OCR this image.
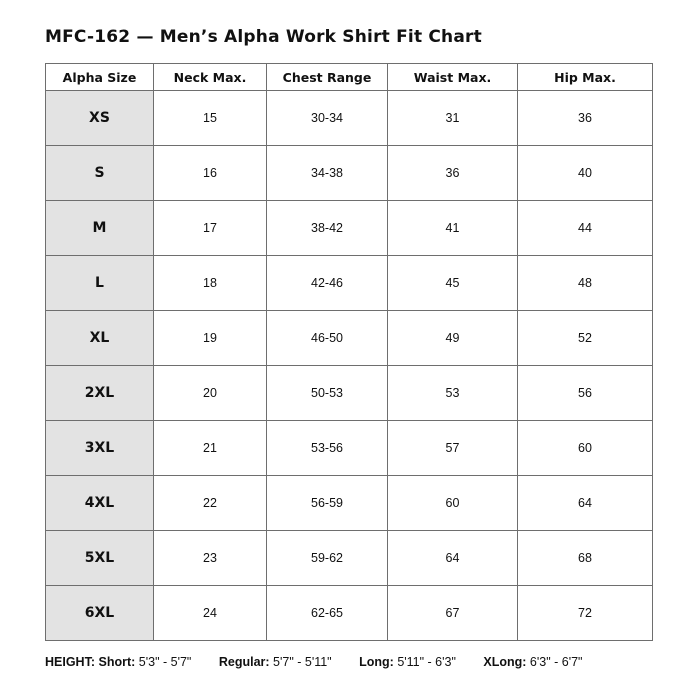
MFC-162 — Men’s Alpha Work Shirt Fit Chart
Alpha Size	Neck Max.	Chest Range	Waist Max.	Hip Max.
XS	15	30-34	31	36
S	16	34-38	36	40
M	17	38-42	41	44
L	18	42-46	45	48
XL	19	46-50	49	52
2XL	20	50-53	53	56
3XL	21	53-56	57	60
4XL	22	56-59	60	64
5XL	23	59-62	64	68
6XL	24	62-65	67	72
HEIGHT: Short: 5'3" - 5'7" Regular: 5'7" - 5'11" Long: 5'11" - 6'3" XLong: 6'3" - 6'7"
